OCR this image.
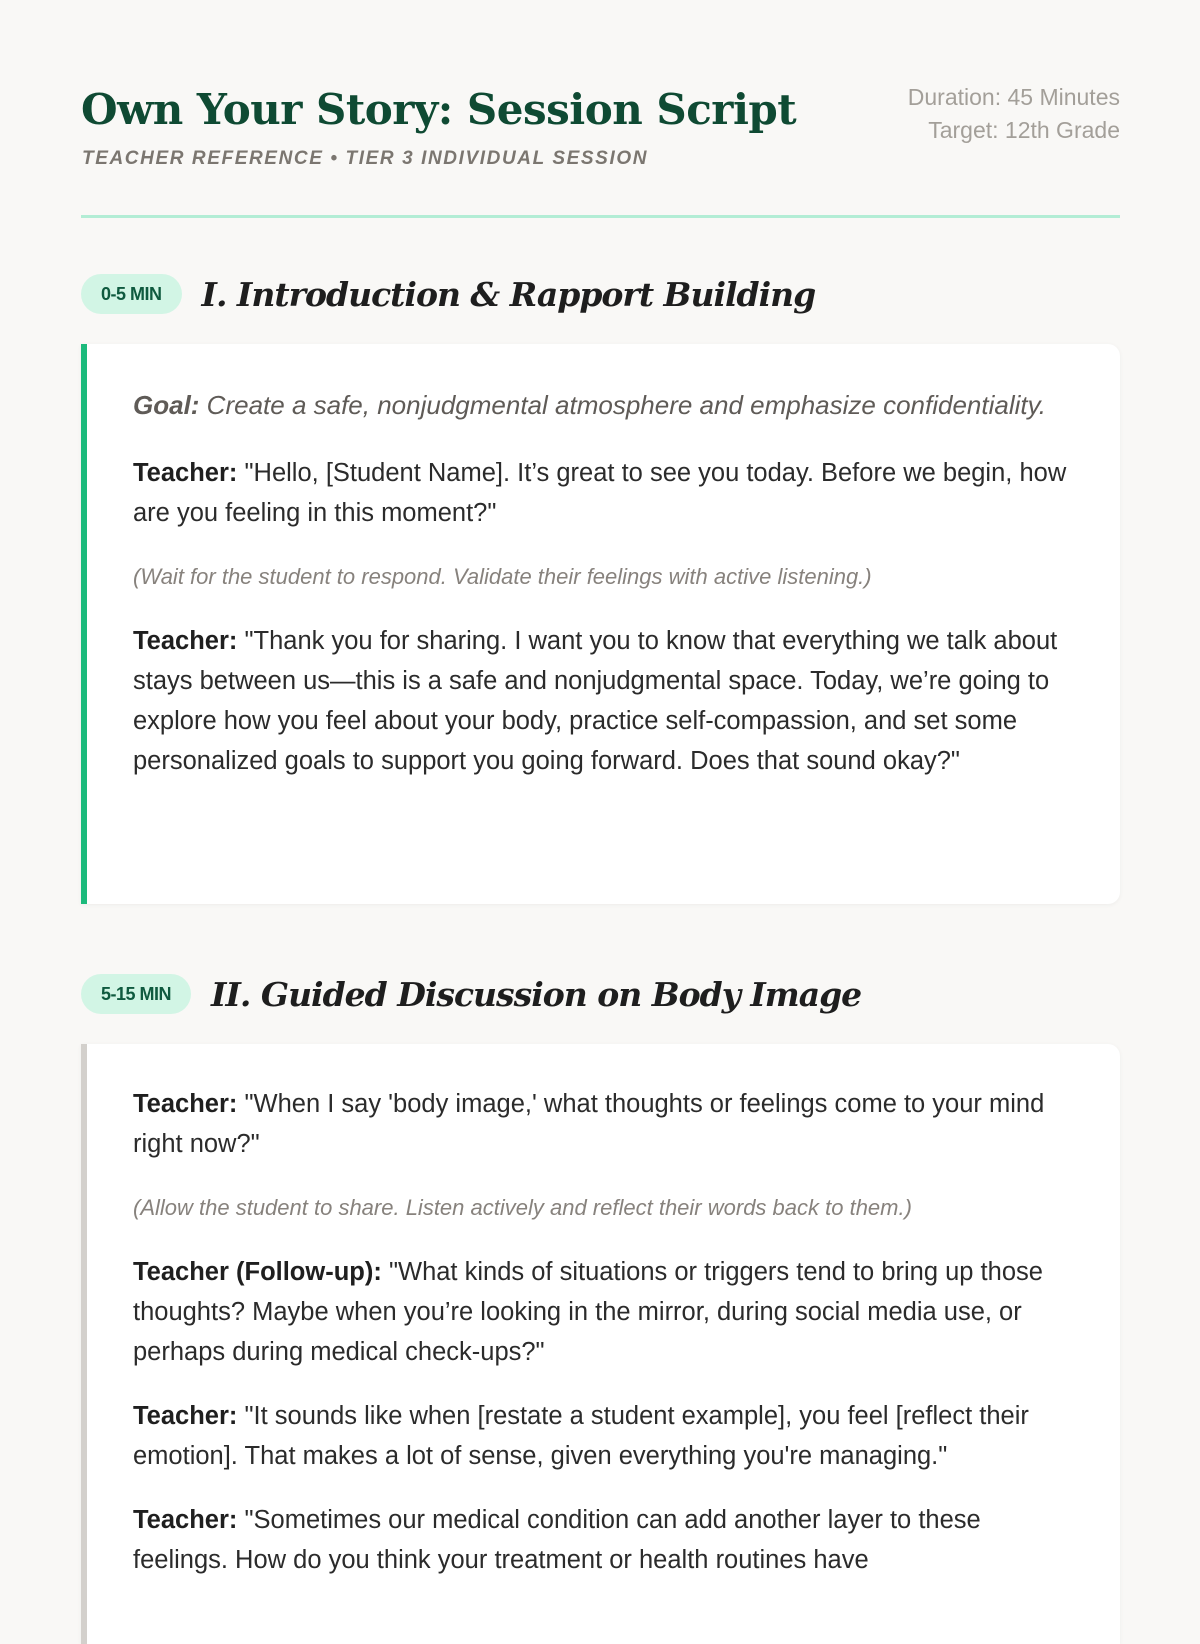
Own Your Story: Session Script
TEACHER REFERENCE • TIER 3 INDIVIDUAL SESSION
Duration: 45 Minutes
Target: 12th Grade
0-5 MIN	I. Introduction & Rapport Building

Goal: Create a safe, nonjudgmental atmosphere and emphasize confidentiality.

Teacher: "Hello, [Student Name]. It’s great to see you today. Before we begin, how are you feeling in this moment?"

(Wait for the student to respond. Validate their feelings with active listening.)

Teacher: "Thank you for sharing. I want you to know that everything we talk about stays between us—this is a safe and nonjudgmental space. Today, we’re going to explore how you feel about your body, practice self-compassion, and set some personalized goals to support you going forward. Does that sound okay?"

5-15 MIN	II. Guided Discussion on Body Image

Teacher: "When I say 'body image,' what thoughts or feelings come to your mind right now?"

(Allow the student to share. Listen actively and reflect their words back to them.)

Teacher (Follow-up): "What kinds of situations or triggers tend to bring up those thoughts? Maybe when you’re looking in the mirror, during social media use, or perhaps during medical check-ups?"

Teacher: "It sounds like when [restate a student example], you feel [reflect their emotion]. That makes a lot of sense, given everything you're managing."

Teacher: "Sometimes our medical condition can add another layer to these feelings. How do you think your treatment or health routines have
